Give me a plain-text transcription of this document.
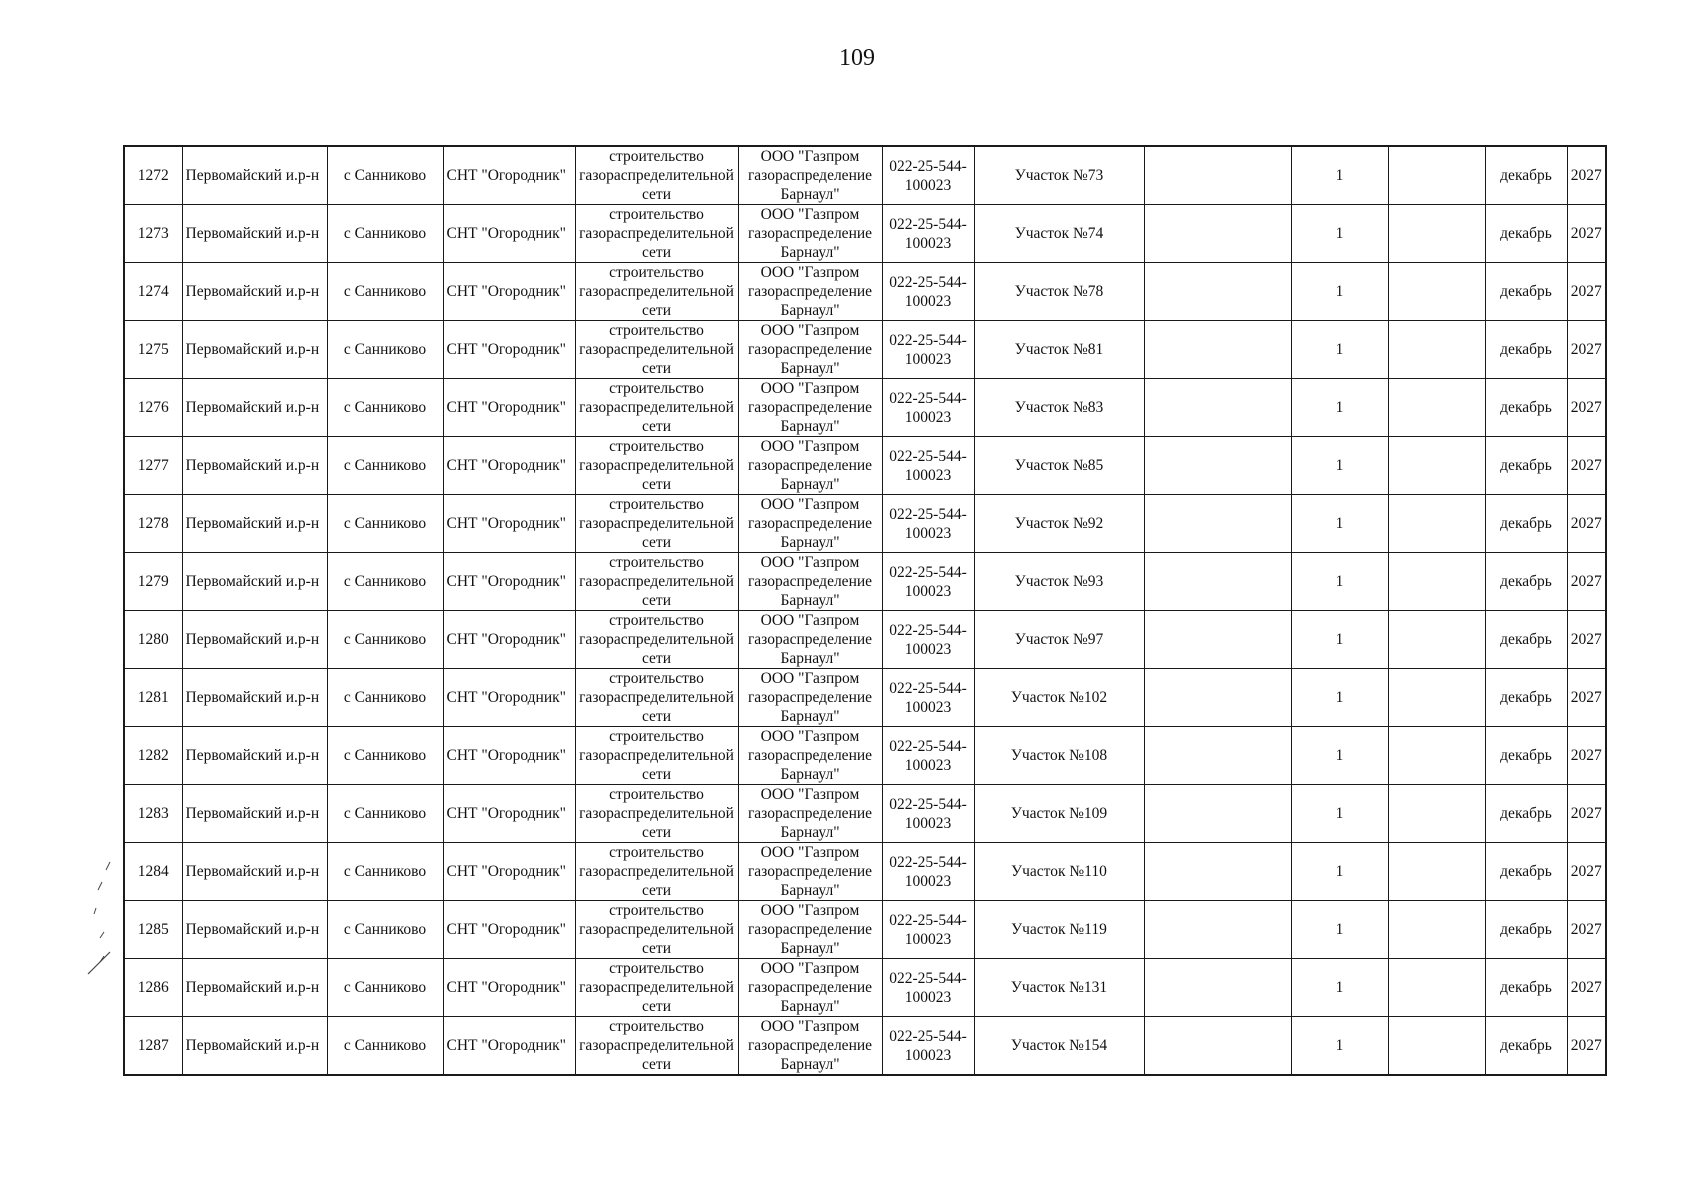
109
1272	Первомайский и.р-н	с Санниково	СНТ "Огородник"	строительство газораспределительной сети	ООО "Газпром газораспределение Барнаул"	022-25-544-100023	Участок №73		1		декабрь	2027
1273	Первомайский и.р-н	с Санниково	СНТ "Огородник"	строительство газораспределительной сети	ООО "Газпром газораспределение Барнаул"	022-25-544-100023	Участок №74		1		декабрь	2027
1274	Первомайский и.р-н	с Санниково	СНТ "Огородник"	строительство газораспределительной сети	ООО "Газпром газораспределение Барнаул"	022-25-544-100023	Участок №78		1		декабрь	2027
1275	Первомайский и.р-н	с Санниково	СНТ "Огородник"	строительство газораспределительной сети	ООО "Газпром газораспределение Барнаул"	022-25-544-100023	Участок №81		1		декабрь	2027
1276	Первомайский и.р-н	с Санниково	СНТ "Огородник"	строительство газораспределительной сети	ООО "Газпром газораспределение Барнаул"	022-25-544-100023	Участок №83		1		декабрь	2027
1277	Первомайский и.р-н	с Санниково	СНТ "Огородник"	строительство газораспределительной сети	ООО "Газпром газораспределение Барнаул"	022-25-544-100023	Участок №85		1		декабрь	2027
1278	Первомайский и.р-н	с Санниково	СНТ "Огородник"	строительство газораспределительной сети	ООО "Газпром газораспределение Барнаул"	022-25-544-100023	Участок №92		1		декабрь	2027
1279	Первомайский и.р-н	с Санниково	СНТ "Огородник"	строительство газораспределительной сети	ООО "Газпром газораспределение Барнаул"	022-25-544-100023	Участок №93		1		декабрь	2027
1280	Первомайский и.р-н	с Санниково	СНТ "Огородник"	строительство газораспределительной сети	ООО "Газпром газораспределение Барнаул"	022-25-544-100023	Участок №97		1		декабрь	2027
1281	Первомайский и.р-н	с Санниково	СНТ "Огородник"	строительство газораспределительной сети	ООО "Газпром газораспределение Барнаул"	022-25-544-100023	Участок №102		1		декабрь	2027
1282	Первомайский и.р-н	с Санниково	СНТ "Огородник"	строительство газораспределительной сети	ООО "Газпром газораспределение Барнаул"	022-25-544-100023	Участок №108		1		декабрь	2027
1283	Первомайский и.р-н	с Санниково	СНТ "Огородник"	строительство газораспределительной сети	ООО "Газпром газораспределение Барнаул"	022-25-544-100023	Участок №109		1		декабрь	2027
1284	Первомайский и.р-н	с Санниково	СНТ "Огородник"	строительство газораспределительной сети	ООО "Газпром газораспределение Барнаул"	022-25-544-100023	Участок №110		1		декабрь	2027
1285	Первомайский и.р-н	с Санниково	СНТ "Огородник"	строительство газораспределительной сети	ООО "Газпром газораспределение Барнаул"	022-25-544-100023	Участок №119		1		декабрь	2027
1286	Первомайский и.р-н	с Санниково	СНТ "Огородник"	строительство газораспределительной сети	ООО "Газпром газораспределение Барнаул"	022-25-544-100023	Участок №131		1		декабрь	2027
1287	Первомайский и.р-н	с Санниково	СНТ "Огородник"	строительство газораспределительной сети	ООО "Газпром газораспределение Барнаул"	022-25-544-100023	Участок №154		1		декабрь	2027
